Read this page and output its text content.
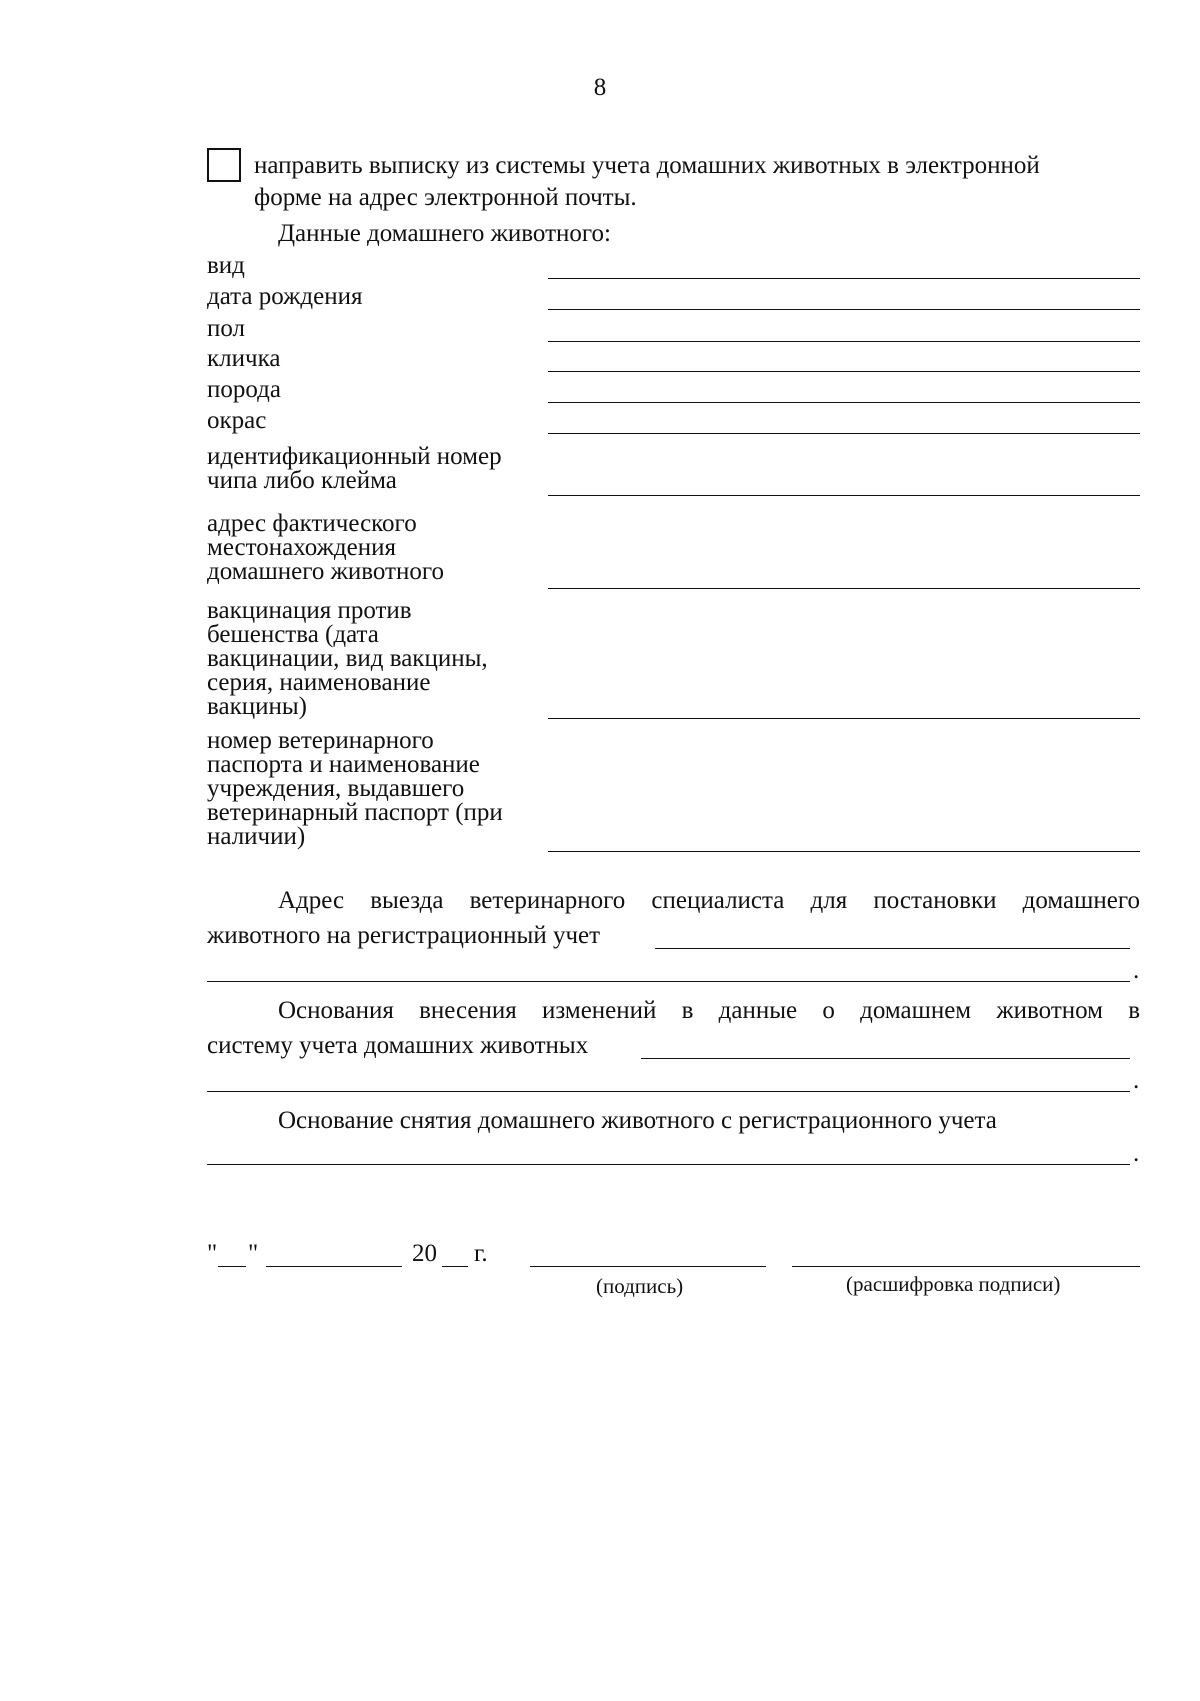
8
направить выписку из системы учета домашних животных в электронной
форме на адрес электронной почты.
Данные домашнего животного:
вид
дата рождения
пол
кличка
порода
окрас
идентификационный номер
чипа либо клейма
адрес фактического
местонахождения
домашнего животного
вакцинация против
бешенства (дата
вакцинации, вид вакцины,
серия, наименование
вакцины)
номер ветеринарного
паспорта и наименование
учреждения, выдавшего
ветеринарный паспорт (при
наличии)
Адрес выезда ветеринарного специалиста для постановки домашнего
животного на регистрационный учет
.
Основания внесения изменений в данные о домашнем животном в
систему учета домашних животных
.
Основание снятия домашнего животного с регистрационного учета
.
" "	20 г.
(подпись)	(расшифровка подписи)
